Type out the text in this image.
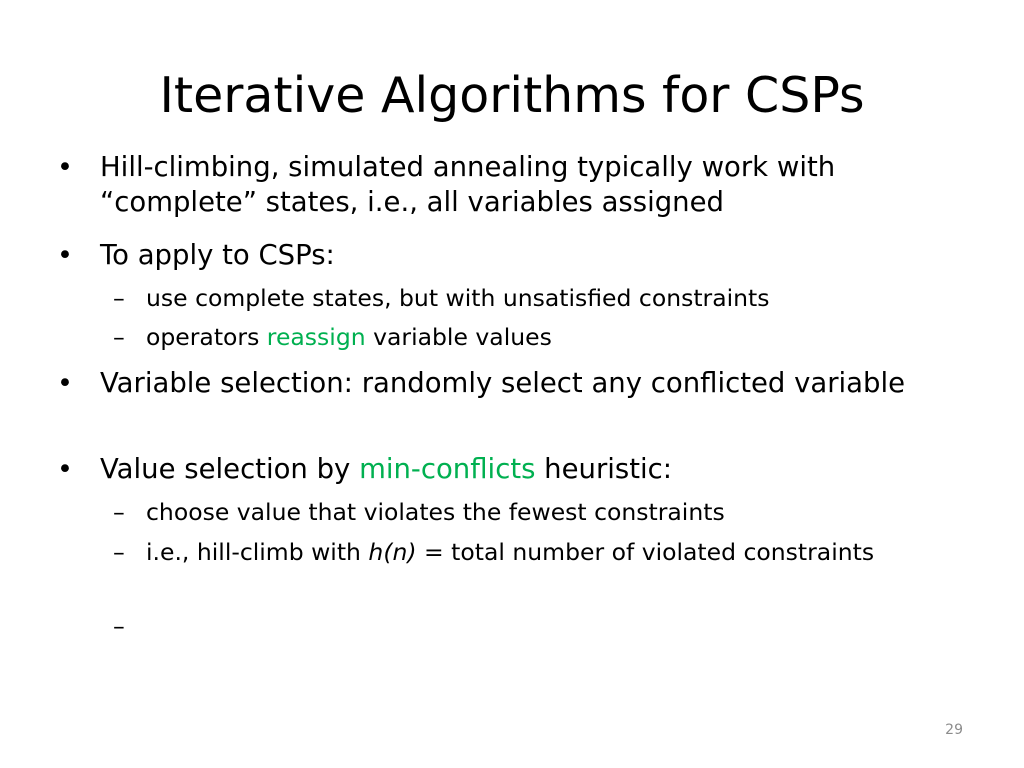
Iterative Algorithms for CSPs
• Hill-climbing, simulated annealing typically work with “complete” states, i.e., all variables assigned
• To apply to CSPs:
– use complete states, but with unsatisfied constraints
– operators reassign variable values
• Variable selection: randomly select any conflicted variable
• Value selection by min-conflicts heuristic:
– choose value that violates the fewest constraints
– i.e., hill-climb with h(n) = total number of violated constraints
–
29
